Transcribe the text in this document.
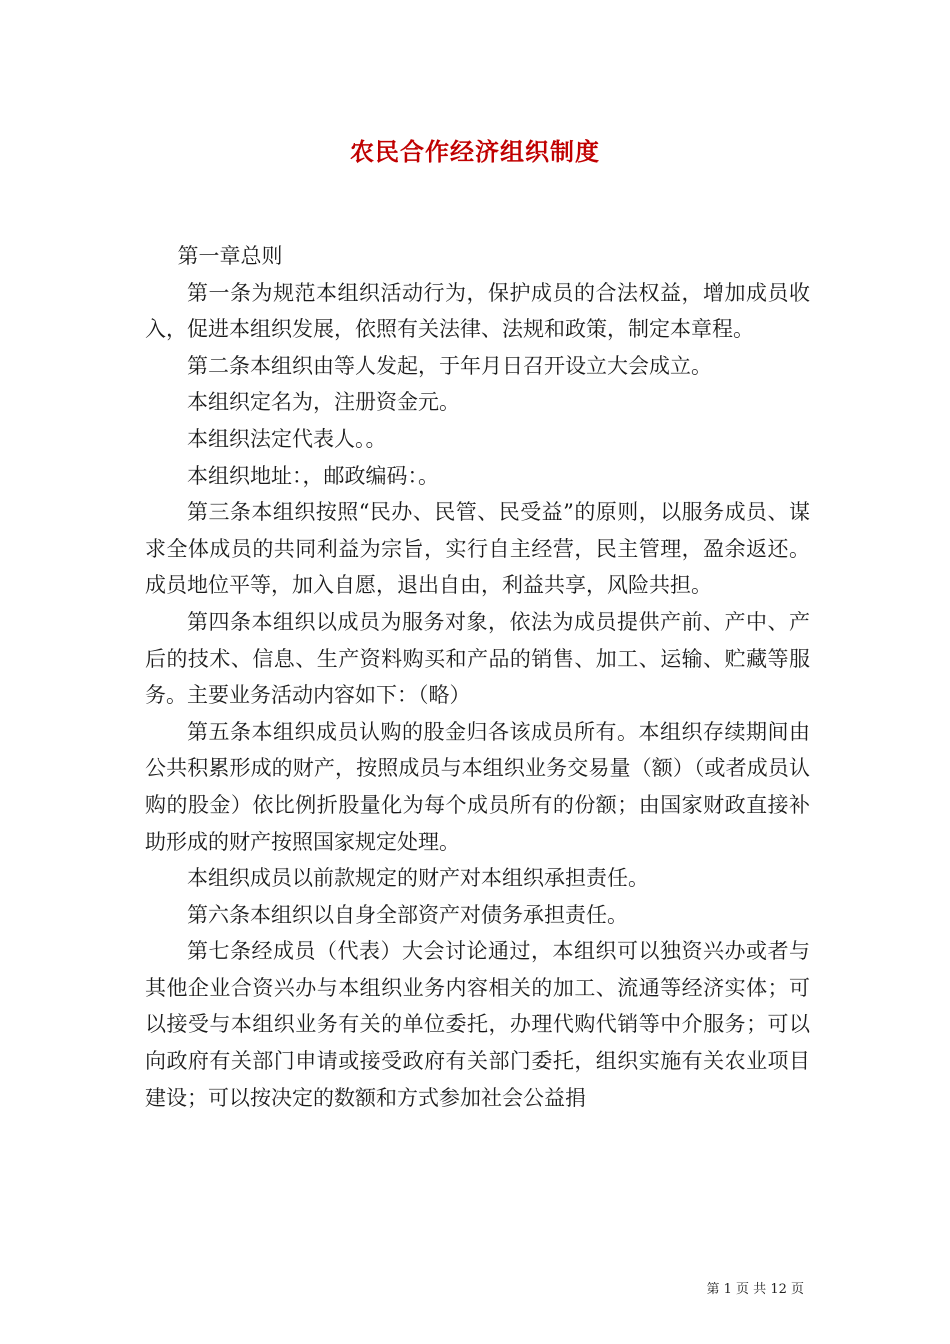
农民合作经济组织制度

第一章总则

第一条为规范本组织活动行为，保护成员的合法权益，增加成员收入，促进本组织发展，依照有关法律、法规和政策，制定本章程。

第二条本组织由等人发起，于年月日召开设立大会成立。

本组织定名为，注册资金元。

本组织法定代表人。。

本组织地址：，邮政编码：。

第三条本组织按照“民办、民管、民受益”的原则，以服务成员、谋求全体成员的共同利益为宗旨，实行自主经营，民主管理，盈余返还。成员地位平等，加入自愿，退出自由，利益共享，风险共担。

第四条本组织以成员为服务对象，依法为成员提供产前、产中、产后的技术、信息、生产资料购买和产品的销售、加工、运输、贮藏等服务。主要业务活动内容如下：（略）

第五条本组织成员认购的股金归各该成员所有。本组织存续期间由公共积累形成的财产，按照成员与本组织业务交易量（额）（或者成员认购的股金）依比例折股量化为每个成员所有的份额；由国家财政直接补助形成的财产按照国家规定处理。

本组织成员以前款规定的财产对本组织承担责任。

第六条本组织以自身全部资产对债务承担责任。

第七条经成员（代表）大会讨论通过，本组织可以独资兴办或者与其他企业合资兴办与本组织业务内容相关的加工、流通等经济实体；可以接受与本组织业务有关的单位委托，办理代购代销等中介服务；可以向政府有关部门申请或接受政府有关部门委托，组织实施有关农业项目建设；可以按决定的数额和方式参加社会公益捐

第 1 页 共 12 页
